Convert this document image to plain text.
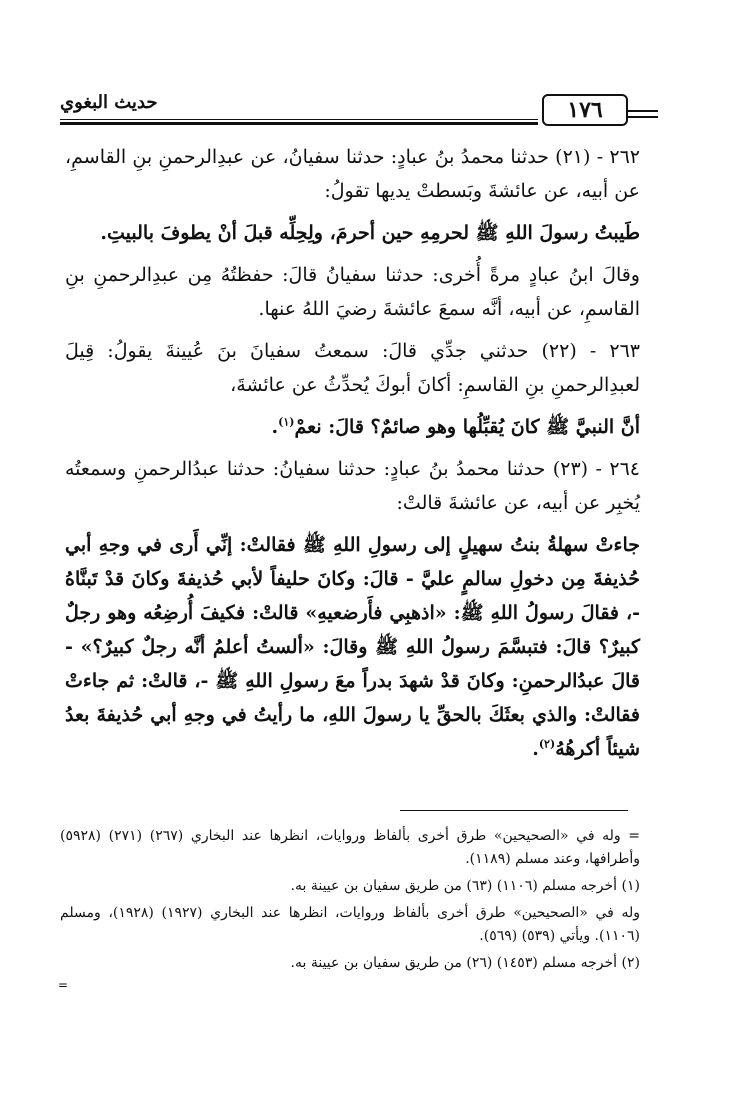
حديث البغوي	١٧٦

٢٦٢ - (٢١) حدثنا محمدُ بنُ عبادٍ: حدثنا سفيانُ، عن عبدِالرحمنِ بنِ القاسمِ، عن أبيه، عن عائشةَ وبَسطتْ يديها تقولُ:

طَيبتُ رسولَ اللهِ ﷺ لحرمِهِ حين أحرمَ، ولِحِلِّه قبلَ أنْ يطوفَ بالبيتِ.

وقالَ ابنُ عبادٍ مرةً أُخرى: حدثنا سفيانُ قالَ: حفظتُهُ مِن عبدِالرحمنِ بنِ القاسمِ، عن أبيه، أنَّه سمعَ عائشةَ رضيَ اللهُ عنها.

٢٦٣ - (٢٢) حدثني جدِّي قالَ: سمعتُ سفيانَ بنَ عُيينةَ يقولُ: قِيلَ لعبدِالرحمنِ بنِ القاسمِ: أكانَ أبوكَ يُحدِّثُ عن عائشةَ،

أنَّ النبيَّ ﷺ كانَ يُقبِّلُها وهو صائمٌ؟ قالَ: نعمْ$^{(١)}$.

٢٦٤ - (٢٣) حدثنا محمدُ بنُ عبادٍ: حدثنا سفيانُ: حدثنا عبدُالرحمنِ وسمعتُه يُخبِر عن أبيه، عن عائشةَ قالتْ:

جاءتْ سهلةُ بنتُ سهيلٍ إلى رسولِ اللهِ ﷺ فقالتْ: إنِّي أَرى في وجهِ أبي حُذيفةَ مِن دخولِ سالمٍ عليَّ - قالَ: وكانَ حليفاً لأبي حُذيفةَ وكانَ قدْ تَبنَّاهُ -، فقالَ رسولُ اللهِ ﷺ: «اذهبِي فأَرضعيهِ» قالتْ: فكيفَ أُرضِعُه وهو رجلٌ كبيرٌ؟ قالَ: فتبسَّمَ رسولُ اللهِ ﷺ وقالَ: «ألستُ أعلمُ أنَّه رجلٌ كبيرٌ؟» - قالَ عبدُالرحمنِ: وكانَ قدْ شهدَ بدراً معَ رسولِ اللهِ ﷺ -، قالتْ: ثم جاءتْ فقالتْ: والذي بعثَكَ بالحقِّ يا رسولَ اللهِ، ما رأيتُ في وجهِ أبي حُذيفةَ بعدُ شيئاً أكرهُهُ$^{(٢)}$.

= وله في «الصحيحين» طرق أخرى بألفاظ وروايات، انظرها عند البخاري (٢٦٧) (٢٧١) (٥٩٢٨) وأطرافها، وعند مسلم (١١٨٩).

(١) أخرجه مسلم (١١٠٦) (٦٣) من طريق سفيان بن عيينة به.

وله في «الصحيحين» طرق أخرى بألفاظ وروايات، انظرها عند البخاري (١٩٢٧) (١٩٢٨)، ومسلم (١١٠٦). ويأتي (٥٣٩) (٥٦٩).

(٢) أخرجه مسلم (١٤٥٣) (٢٦) من طريق سفيان بن عيينة به.

=
